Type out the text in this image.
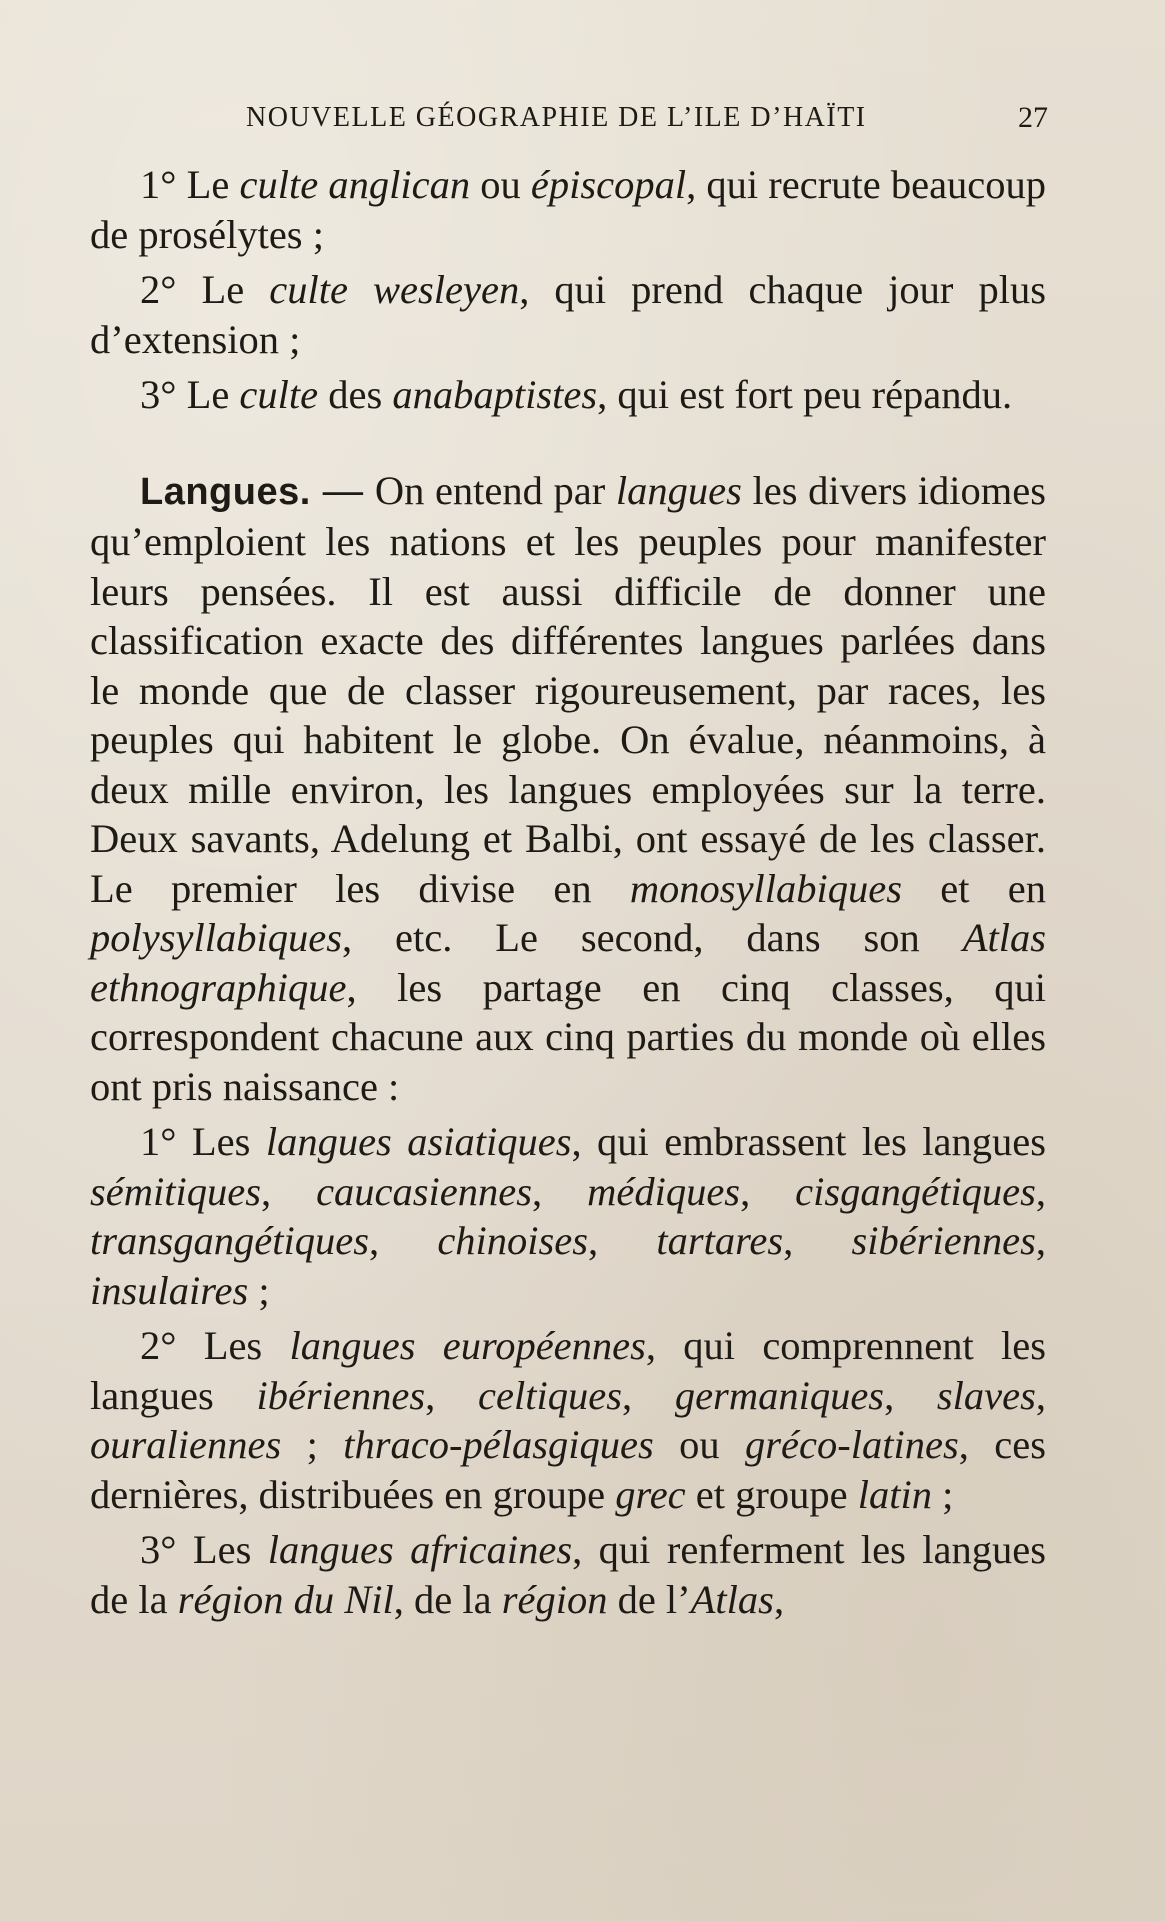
NOUVELLE GÉOGRAPHIE DE L’ILE D’HAÏTI	27

1° Le culte anglican ou épiscopal, qui recrute beaucoup de prosélytes ;

2° Le culte wesleyen, qui prend chaque jour plus d’extension ;

3° Le culte des anabaptistes, qui est fort peu répandu.

Langues. — On entend par langues les divers idiomes qu’emploient les nations et les peuples pour manifester leurs pensées. Il est aussi difficile de donner une classification exacte des différentes langues parlées dans le monde que de classer rigoureusement, par races, les peuples qui habitent le globe. On évalue, néanmoins, à deux mille environ, les langues employées sur la terre. Deux savants, Adelung et Balbi, ont essayé de les classer. Le premier les divise en monosyllabiques et en polysyllabiques, etc. Le second, dans son Atlas ethnographique, les partage en cinq classes, qui correspondent chacune aux cinq parties du monde où elles ont pris naissance :

1° Les langues asiatiques, qui embrassent les langues sémitiques, caucasiennes, médiques, cisgangétiques, transgangétiques, chinoises, tartares, sibériennes, insulaires ;

2° Les langues européennes, qui comprennent les langues ibériennes, celtiques, germaniques, slaves, ouraliennes ; thraco-pélasgiques ou gréco-latines, ces dernières, distribuées en groupe grec et groupe latin ;

3° Les langues africaines, qui renferment les langues de la région du Nil, de la région de l’Atlas,
